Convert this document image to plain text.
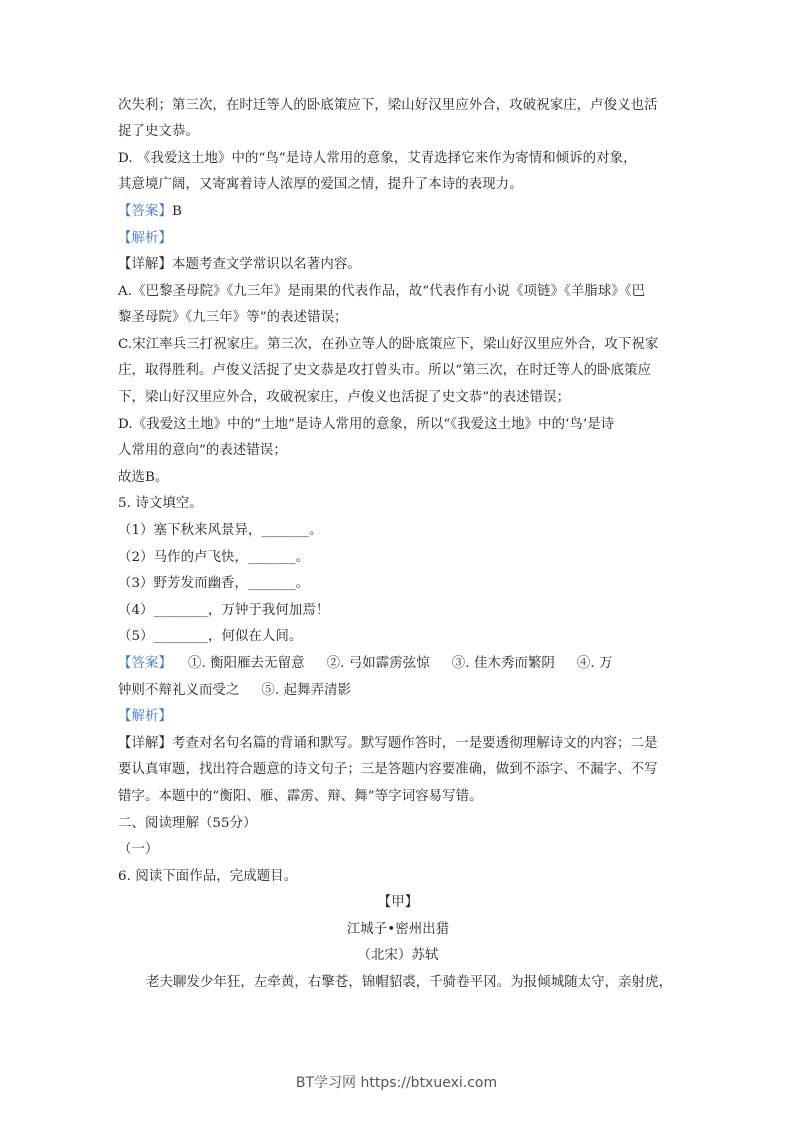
次失利；第三次，在时迁等人的卧底策应下，梁山好汉里应外合，攻破祝家庄，卢俊义也活
捉了史文恭。
D. 《我爱这土地》中的“鸟”是诗人常用的意象，艾青选择它来作为寄情和倾诉的对象，
其意境广阔，又寄寓着诗人浓厚的爱国之情，提升了本诗的表现力。
【答案】B
【解析】
【详解】本题考查文学常识以名著内容。
A.《巴黎圣母院》《九三年》是雨果的代表作品，故“代表作有小说《项链》《羊脂球》《巴
黎圣母院》《九三年》等”的表述错误；
C.宋江率兵三打祝家庄。第三次，在孙立等人的卧底策应下，梁山好汉里应外合，攻下祝家
庄，取得胜利。卢俊义活捉了史文恭是攻打曾头市。所以“第三次，在时迁等人的卧底策应
下，梁山好汉里应外合，攻破祝家庄，卢俊义也活捉了史文恭”的表述错误；
D.《我爱这土地》中的“土地”是诗人常用的意象，所以“《我爱这土地》中的‘鸟’是诗
人常用的意向”的表述错误；
故选B。
5. 诗文填空。
（1）塞下秋来风景异，_______。
（2）马作的卢飞快，_______。
（3）野芳发而幽香，_______。
（4）________，万钟于我何加焉！
（5）________，何似在人间。
【答案】 ①. 衡阳雁去无留意 ②. 弓如霹雳弦惊 ③. 佳木秀而繁阴 ④. 万
钟则不辩礼义而受之 ⑤. 起舞弄清影
【解析】
【详解】考查对名句名篇的背诵和默写。默写题作答时，一是要透彻理解诗文的内容；二是
要认真审题，找出符合题意的诗文句子；三是答题内容要准确，做到不添字、不漏字、不写
错字。本题中的“衡阳、雁、霹雳、辩、舞”等字词容易写错。
二、阅读理解（55分）
（一）
6. 阅读下面作品，完成题目。
【甲】
江城子•密州出猎
（北宋）苏轼
老夫聊发少年狂，左牵黄，右擎苍，锦帽貂裘，千骑卷平冈。为报倾城随太守，亲射虎，
BT学习网 https://btxuexi.com
